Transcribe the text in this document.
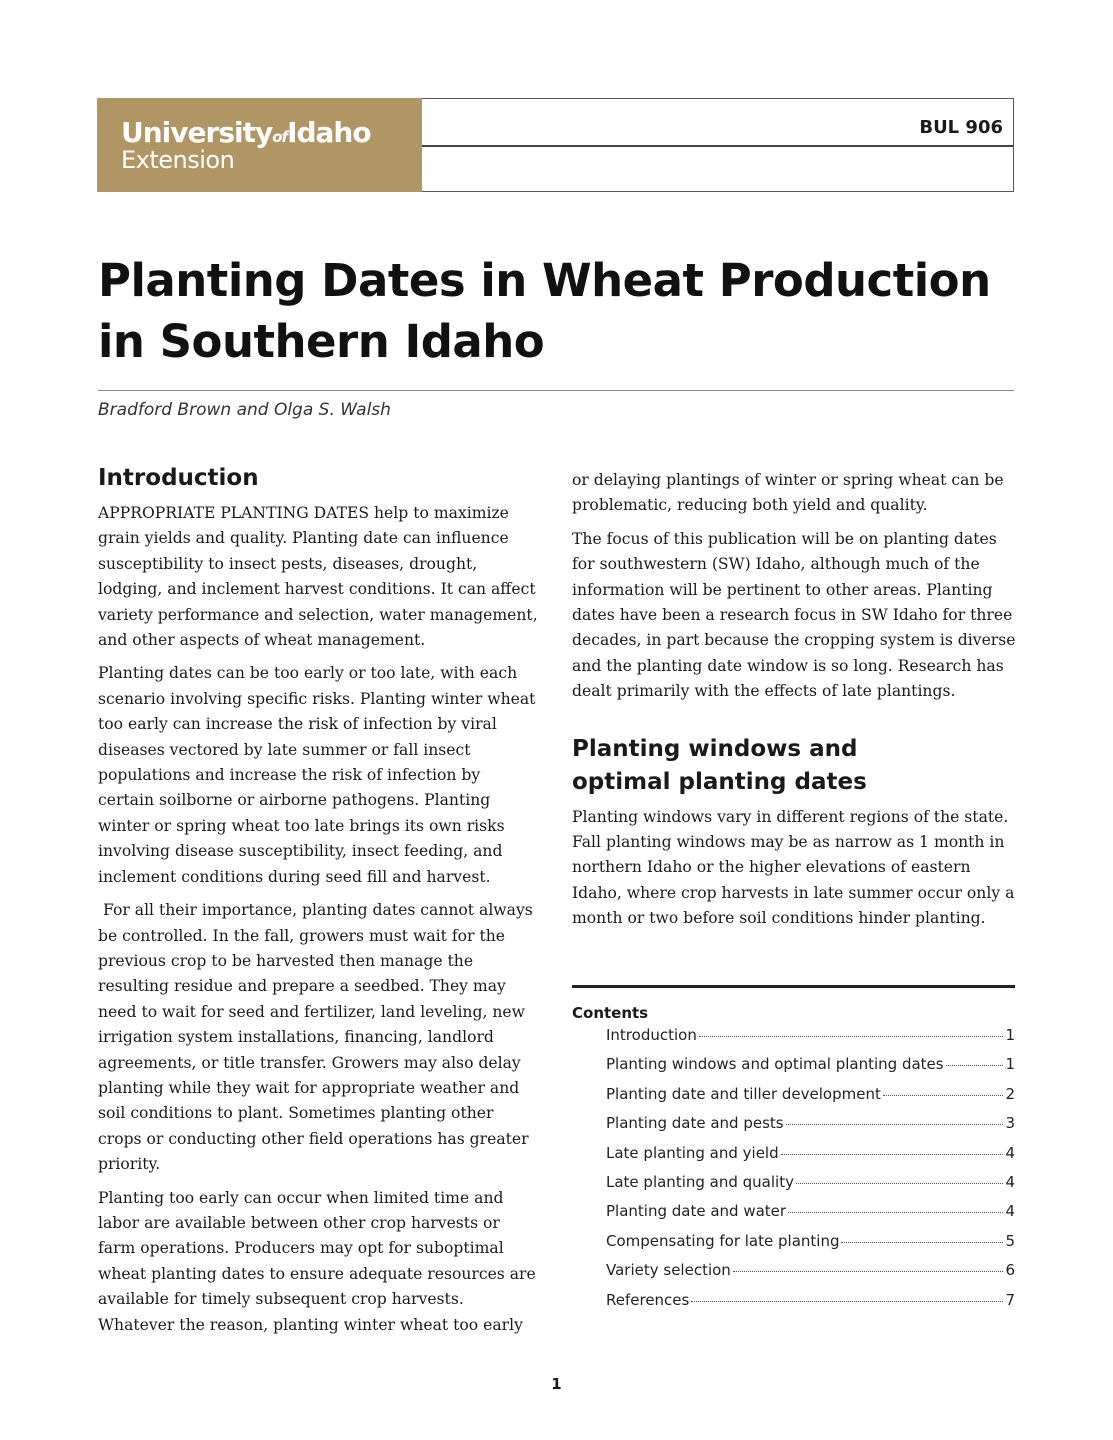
UniversityofIdaho
Extension
BUL 906
Planting Dates in Wheat Production
in Southern Idaho
Bradford Brown and Olga S. Walsh
Introduction

APPROPRIATE PLANTING DATES help to maximize grain yields and quality. Planting date can influence susceptibility to insect pests, diseases, drought, lodging, and inclement harvest conditions. It can affect variety performance and selection, water management, and other aspects of wheat management.

Planting dates can be too early or too late, with each scenario involving specific risks. Planting winter wheat too early can increase the risk of infection by viral diseases vectored by late summer or fall insect populations and increase the risk of infection by certain soilborne or airborne pathogens. Planting winter or spring wheat too late brings its own risks involving disease susceptibility, insect feeding, and inclement conditions during seed fill and harvest.

For all their importance, planting dates cannot always be controlled. In the fall, growers must wait for the previous crop to be harvested then manage the resulting residue and prepare a seedbed. They may need to wait for seed and fertilizer, land leveling, new irrigation system installations, financing, landlord agreements, or title transfer. Growers may also delay planting while they wait for appropriate weather and soil conditions to plant. Sometimes planting other crops or conducting other field operations has greater priority.

Planting too early can occur when limited time and labor are available between other crop harvests or farm operations. Producers may opt for suboptimal wheat planting dates to ensure adequate resources are available for timely subsequent crop harvests. Whatever the reason, planting winter wheat too early

or delaying plantings of winter or spring wheat can be problematic, reducing both yield and quality.

The focus of this publication will be on planting dates for southwestern (SW) Idaho, although much of the information will be pertinent to other areas. Planting dates have been a research focus in SW Idaho for three decades, in part because the cropping system is diverse and the planting date window is so long. Research has dealt primarily with the effects of late plantings.

Planting windows and optimal planting dates

Planting windows vary in different regions of the state. Fall planting windows may be as narrow as 1 month in northern Idaho or the higher elevations of eastern Idaho, where crop harvests in late summer occur only a month or two before soil conditions hinder planting.

Contents
Introduction	1
Planting windows and optimal planting dates	1
Planting date and tiller development	2
Planting date and pests	3
Late planting and yield	4
Late planting and quality	4
Planting date and water	4
Compensating for late planting	5
Variety selection	6
References	7
1
